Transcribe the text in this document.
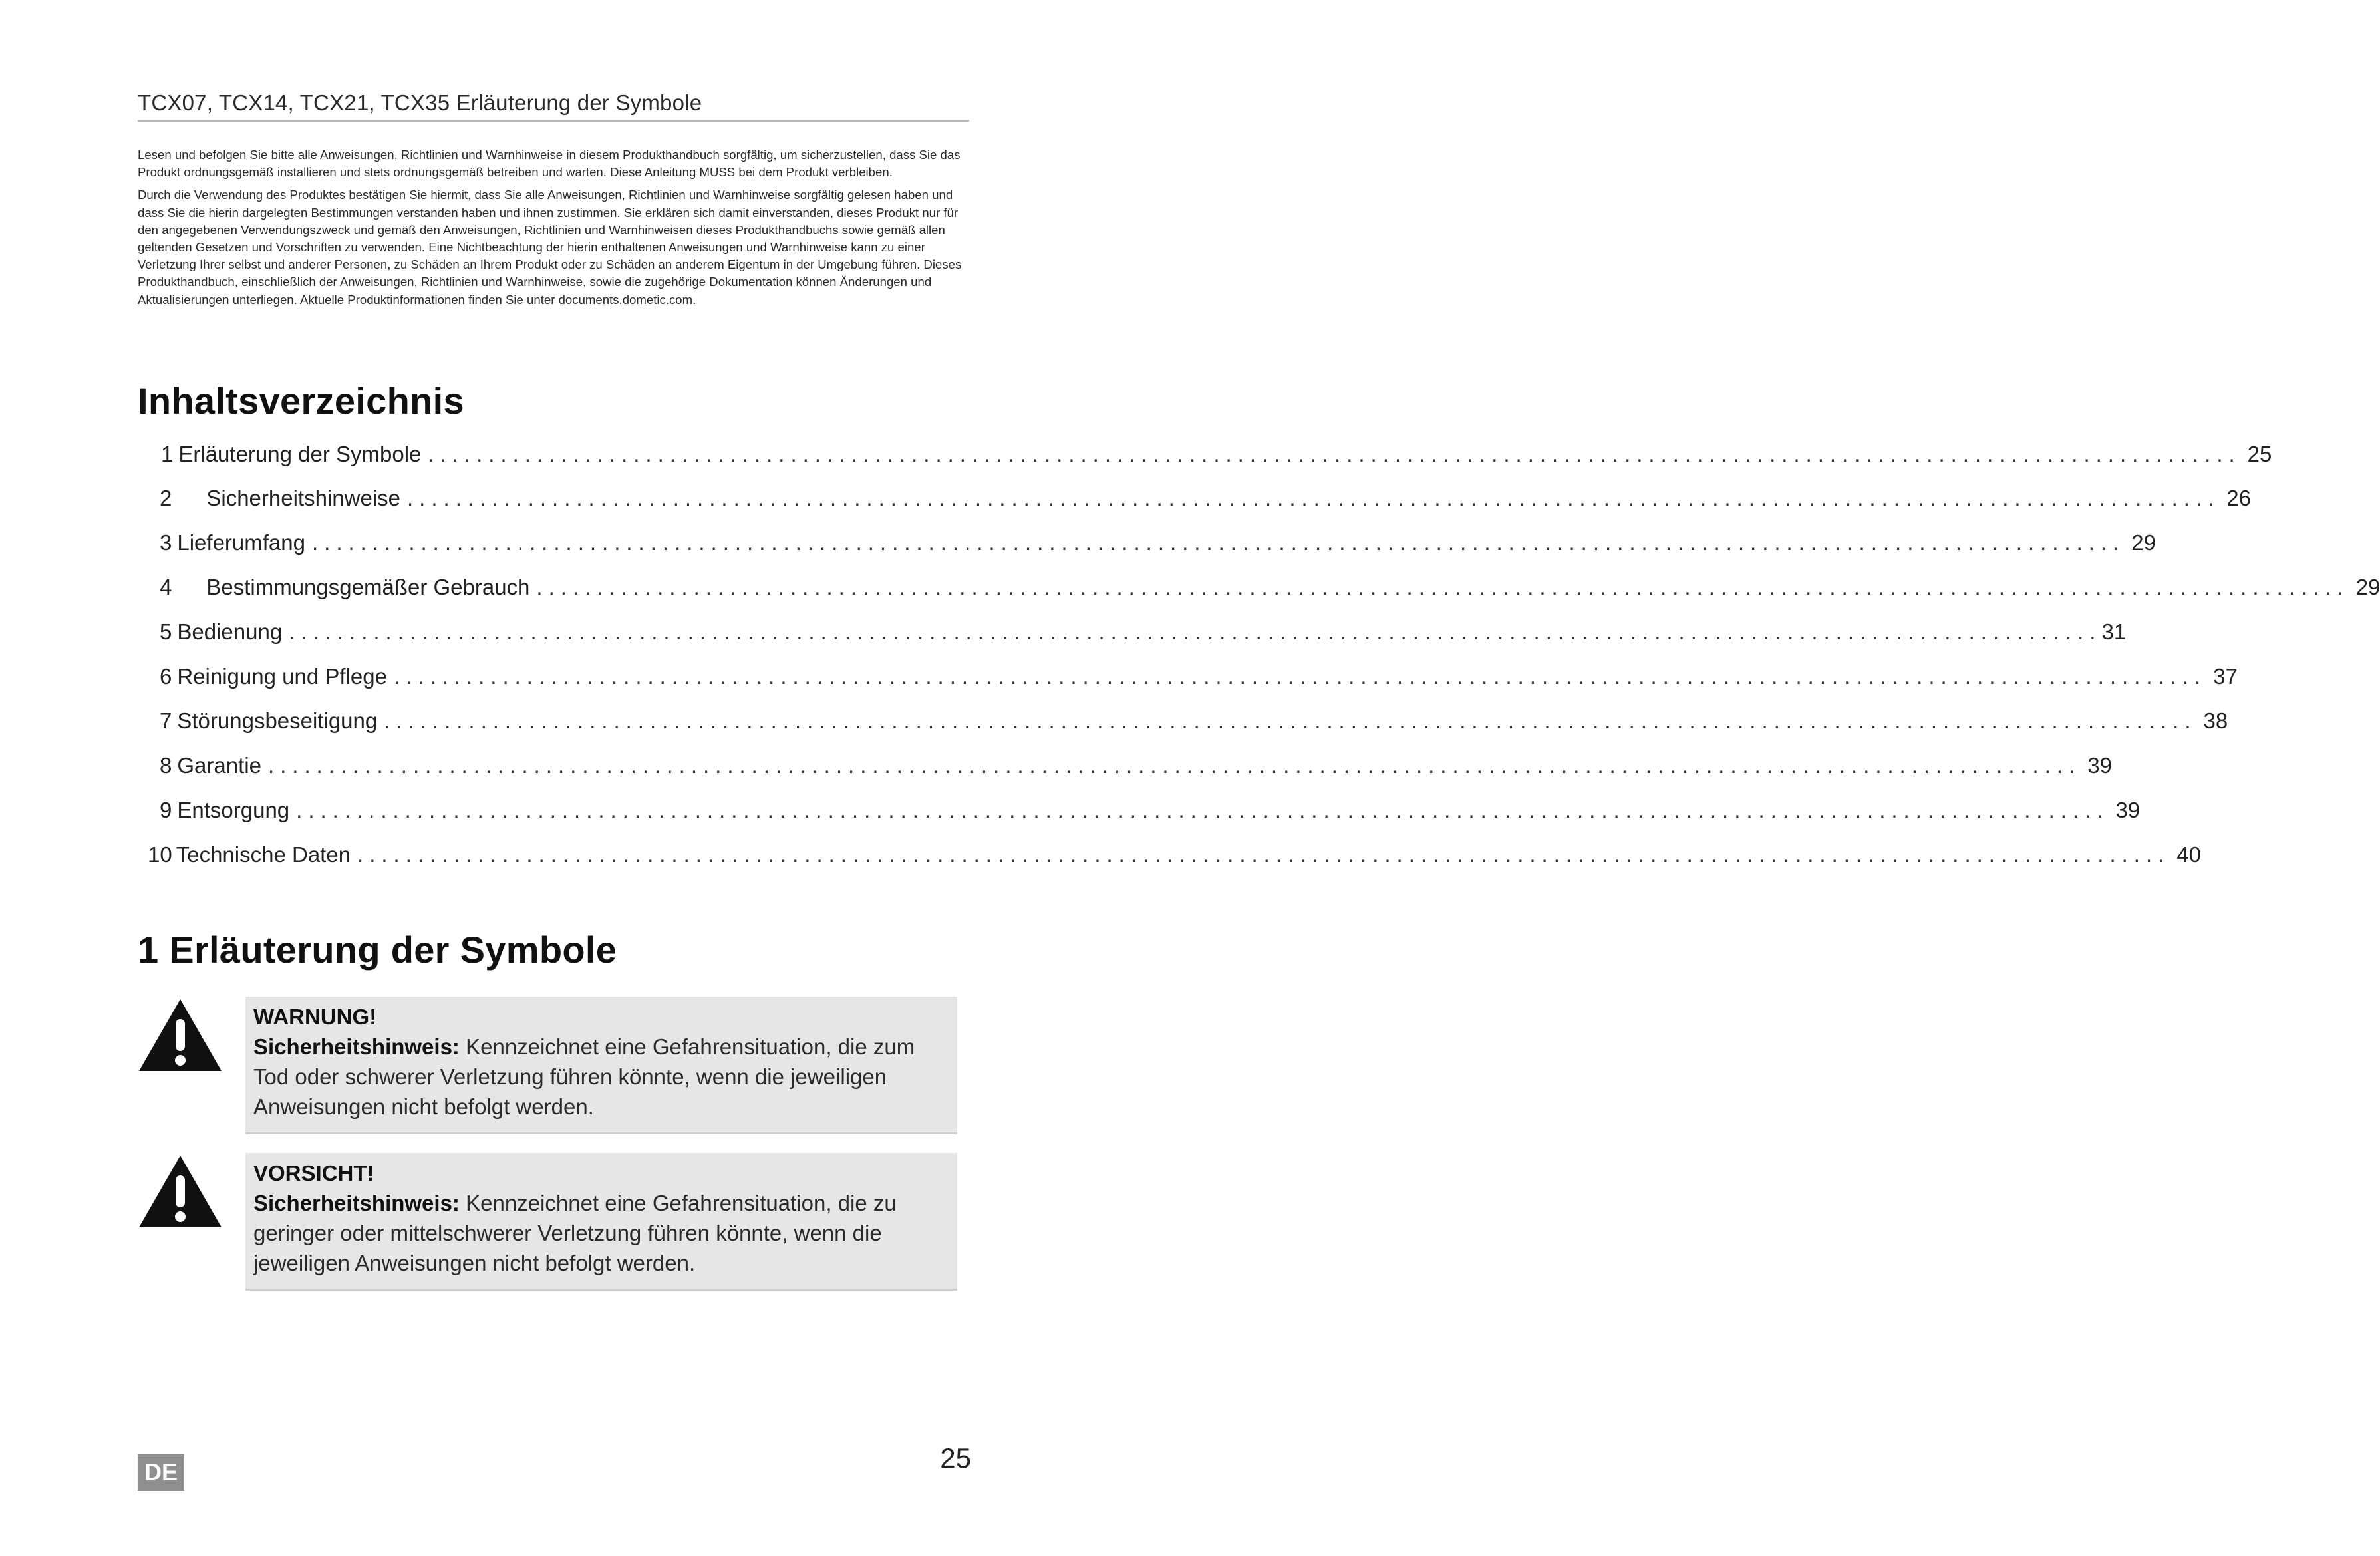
TCX07, TCX14, TCX21, TCX35 Erläuterung der Symbole

Lesen und befolgen Sie bitte alle Anweisungen, Richtlinien und Warnhinweise in diesem Produkthandbuch sorgfältig, um sicherzustellen, dass Sie das Produkt ordnungsgemäß installieren und stets ordnungsgemäß betreiben und warten. Diese Anleitung MUSS bei dem Produkt verbleiben.

Durch die Verwendung des Produktes bestätigen Sie hiermit, dass Sie alle Anweisungen, Richtlinien und Warnhinweise sorgfältig gelesen haben und dass Sie die hierin dargelegten Bestimmungen verstanden haben und ihnen zustimmen. Sie erklären sich damit einverstanden, dieses Produkt nur für den angegebenen Verwendungszweck und gemäß den Anweisungen, Richtlinien und Warnhinweisen dieses Produkthandbuchs sowie gemäß allen geltenden Gesetzen und Vorschriften zu verwenden. Eine Nichtbeachtung der hierin enthaltenen Anweisungen und Warnhinweise kann zu einer Verletzung Ihrer selbst und anderer Personen, zu Schäden an Ihrem Produkt oder zu Schäden an anderem Eigentum in der Umgebung führen. Dieses Produkthandbuch, einschließlich der Anweisungen, Richtlinien und Warnhinweise, sowie die zugehörige Dokumentation können Änderungen und Aktualisierungen unterliegen. Aktuelle Produktinformationen finden Sie unter documents.dometic.com.

Inhaltsverzeichnis
1 Erläuterung der Symbole ...................................................................................................................................................... 25
2 Sicherheitshinweise ...................................................................................................................................................... 26
3 Lieferumfang ...................................................................................................................................................... 29
4 Bestimmungsgemäßer Gebrauch ...................................................................................................................................................... 29
5 Bedienung ...................................................................................................................................................... 31
6 Reinigung und Pflege ...................................................................................................................................................... 37
7 Störungsbeseitigung ...................................................................................................................................................... 38
8 Garantie ...................................................................................................................................................... 39
9 Entsorgung ...................................................................................................................................................... 39
10 Technische Daten ...................................................................................................................................................... 40
1 Erläuterung der Symbole
WARNUNG!
Sicherheitshinweis: Kennzeichnet eine Gefahrensituation, die zum Tod oder schwerer Verletzung führen könnte, wenn die jeweiligen Anweisungen nicht befolgt werden.
VORSICHT!
Sicherheitshinweis: Kennzeichnet eine Gefahrensituation, die zu geringer oder mittelschwerer Verletzung führen könnte, wenn die jeweiligen Anweisungen nicht befolgt werden.
DE	25
